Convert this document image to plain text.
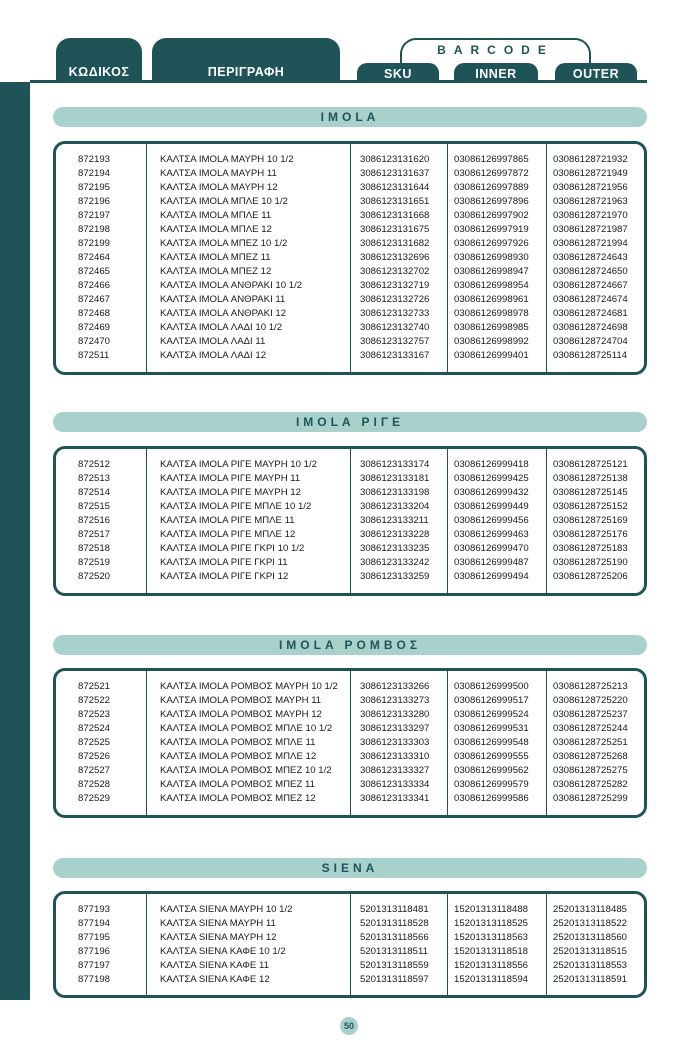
ΚΩΔΙΚΟΣ	ΠΕΡΙΓΡΑΦΗ
BARCODE
SKU	INNER	OUTER
IMOLA
872193	ΚΑΛΤΣΑ IMOLA ΜΑΥΡΗ 10 1/2	3086123131620	03086126997865	03086128721932
872194	ΚΑΛΤΣΑ IMOLA ΜΑΥΡΗ 11	3086123131637	03086126997872	03086128721949
872195	ΚΑΛΤΣΑ IMOLA ΜΑΥΡΗ 12	3086123131644	03086126997889	03086128721956
872196	ΚΑΛΤΣΑ IMOLA ΜΠΛΕ 10 1/2	3086123131651	03086126997896	03086128721963
872197	ΚΑΛΤΣΑ IMOLA ΜΠΛΕ 11	3086123131668	03086126997902	03086128721970
872198	ΚΑΛΤΣΑ IMOLA ΜΠΛΕ 12	3086123131675	03086126997919	03086128721987
872199	ΚΑΛΤΣΑ IMOLA ΜΠΕΖ 10 1/2	3086123131682	03086126997926	03086128721994
872464	ΚΑΛΤΣΑ IMOLA ΜΠΕΖ 11	3086123132696	03086126998930	03086128724643
872465	ΚΑΛΤΣΑ IMOLA ΜΠΕΖ 12	3086123132702	03086126998947	03086128724650
872466	ΚΑΛΤΣΑ IMOLA ΑΝΘΡΑΚΙ 10 1/2	3086123132719	03086126998954	03086128724667
872467	ΚΑΛΤΣΑ IMOLA ΑΝΘΡΑΚΙ 11	3086123132726	03086126998961	03086128724674
872468	ΚΑΛΤΣΑ IMOLA ΑΝΘΡΑΚΙ 12	3086123132733	03086126998978	03086128724681
872469	ΚΑΛΤΣΑ IMOLA ΛΑΔΙ 10 1/2	3086123132740	03086126998985	03086128724698
872470	ΚΑΛΤΣΑ IMOLA ΛΑΔΙ 11	3086123132757	03086126998992	03086128724704
872511	ΚΑΛΤΣΑ IMOLA ΛΑΔΙ 12	3086123133167	03086126999401	03086128725114
IMOLA ΡΙΓΕ
872512	ΚΑΛΤΣΑ IMOLA ΡΙΓΕ ΜΑΥΡΗ 10 1/2	3086123133174	03086126999418	03086128725121
872513	ΚΑΛΤΣΑ IMOLA ΡΙΓΕ ΜΑΥΡΗ 11	3086123133181	03086126999425	03086128725138
872514	ΚΑΛΤΣΑ IMOLA ΡΙΓΕ ΜΑΥΡΗ 12	3086123133198	03086126999432	03086128725145
872515	ΚΑΛΤΣΑ IMOLA ΡΙΓΕ ΜΠΛΕ 10 1/2	3086123133204	03086126999449	03086128725152
872516	ΚΑΛΤΣΑ IMOLA ΡΙΓΕ ΜΠΛΕ 11	3086123133211	03086126999456	03086128725169
872517	ΚΑΛΤΣΑ IMOLA ΡΙΓΕ ΜΠΛΕ 12	3086123133228	03086126999463	03086128725176
872518	ΚΑΛΤΣΑ IMOLA ΡΙΓΕ ΓΚΡΙ 10 1/2	3086123133235	03086126999470	03086128725183
872519	ΚΑΛΤΣΑ IMOLA ΡΙΓΕ ΓΚΡΙ 11	3086123133242	03086126999487	03086128725190
872520	ΚΑΛΤΣΑ IMOLA ΡΙΓΕ ΓΚΡΙ 12	3086123133259	03086126999494	03086128725206
IMOLA ΡΟΜΒΟΣ
872521	ΚΑΛΤΣΑ IMOLA ΡΟΜΒΟΣ ΜΑΥΡΗ 10 1/2 3086123133266	03086126999500	03086128725213
872522	ΚΑΛΤΣΑ IMOLA ΡΟΜΒΟΣ ΜΑΥΡΗ 11	3086123133273	03086126999517	03086128725220
872523	ΚΑΛΤΣΑ IMOLA ΡΟΜΒΟΣ ΜΑΥΡΗ 12	3086123133280	03086126999524	03086128725237
872524	ΚΑΛΤΣΑ IMOLA ΡΟΜΒΟΣ ΜΠΛΕ 10 1/2	3086123133297	03086126999531	03086128725244
872525	ΚΑΛΤΣΑ IMOLA ΡΟΜΒΟΣ ΜΠΛΕ 11	3086123133303	03086126999548	03086128725251
872526	ΚΑΛΤΣΑ IMOLA ΡΟΜΒΟΣ ΜΠΛΕ 12	3086123133310	03086126999555	03086128725268
872527	ΚΑΛΤΣΑ IMOLA ΡΟΜΒΟΣ ΜΠΕΖ 10 1/2	3086123133327	03086126999562	03086128725275
872528	ΚΑΛΤΣΑ IMOLA ΡΟΜΒΟΣ ΜΠΕΖ 11	3086123133334	03086126999579	03086128725282
872529	ΚΑΛΤΣΑ IMOLA ΡΟΜΒΟΣ ΜΠΕΖ 12	3086123133341	03086126999586	03086128725299
SIENA
877193	ΚΑΛΤΣΑ SIENA ΜΑΥΡΗ 10 1/2	5201313118481	15201313118488	25201313118485
877194	ΚΑΛΤΣΑ SIENA ΜΑΥΡΗ 11	5201313118528	15201313118525	25201313118522
877195	ΚΑΛΤΣΑ SIENA ΜΑΥΡΗ 12	5201313118566	15201313118563	25201313118560
877196	ΚΑΛΤΣΑ SIENA ΚΑΦΕ 10 1/2	5201313118511	15201313118518	25201313118515
877197	ΚΑΛΤΣΑ SIENA ΚΑΦΕ 11	5201313118559	15201313118556	25201313118553
877198	ΚΑΛΤΣΑ SIENA ΚΑΦΕ 12	5201313118597	15201313118594	25201313118591
50
